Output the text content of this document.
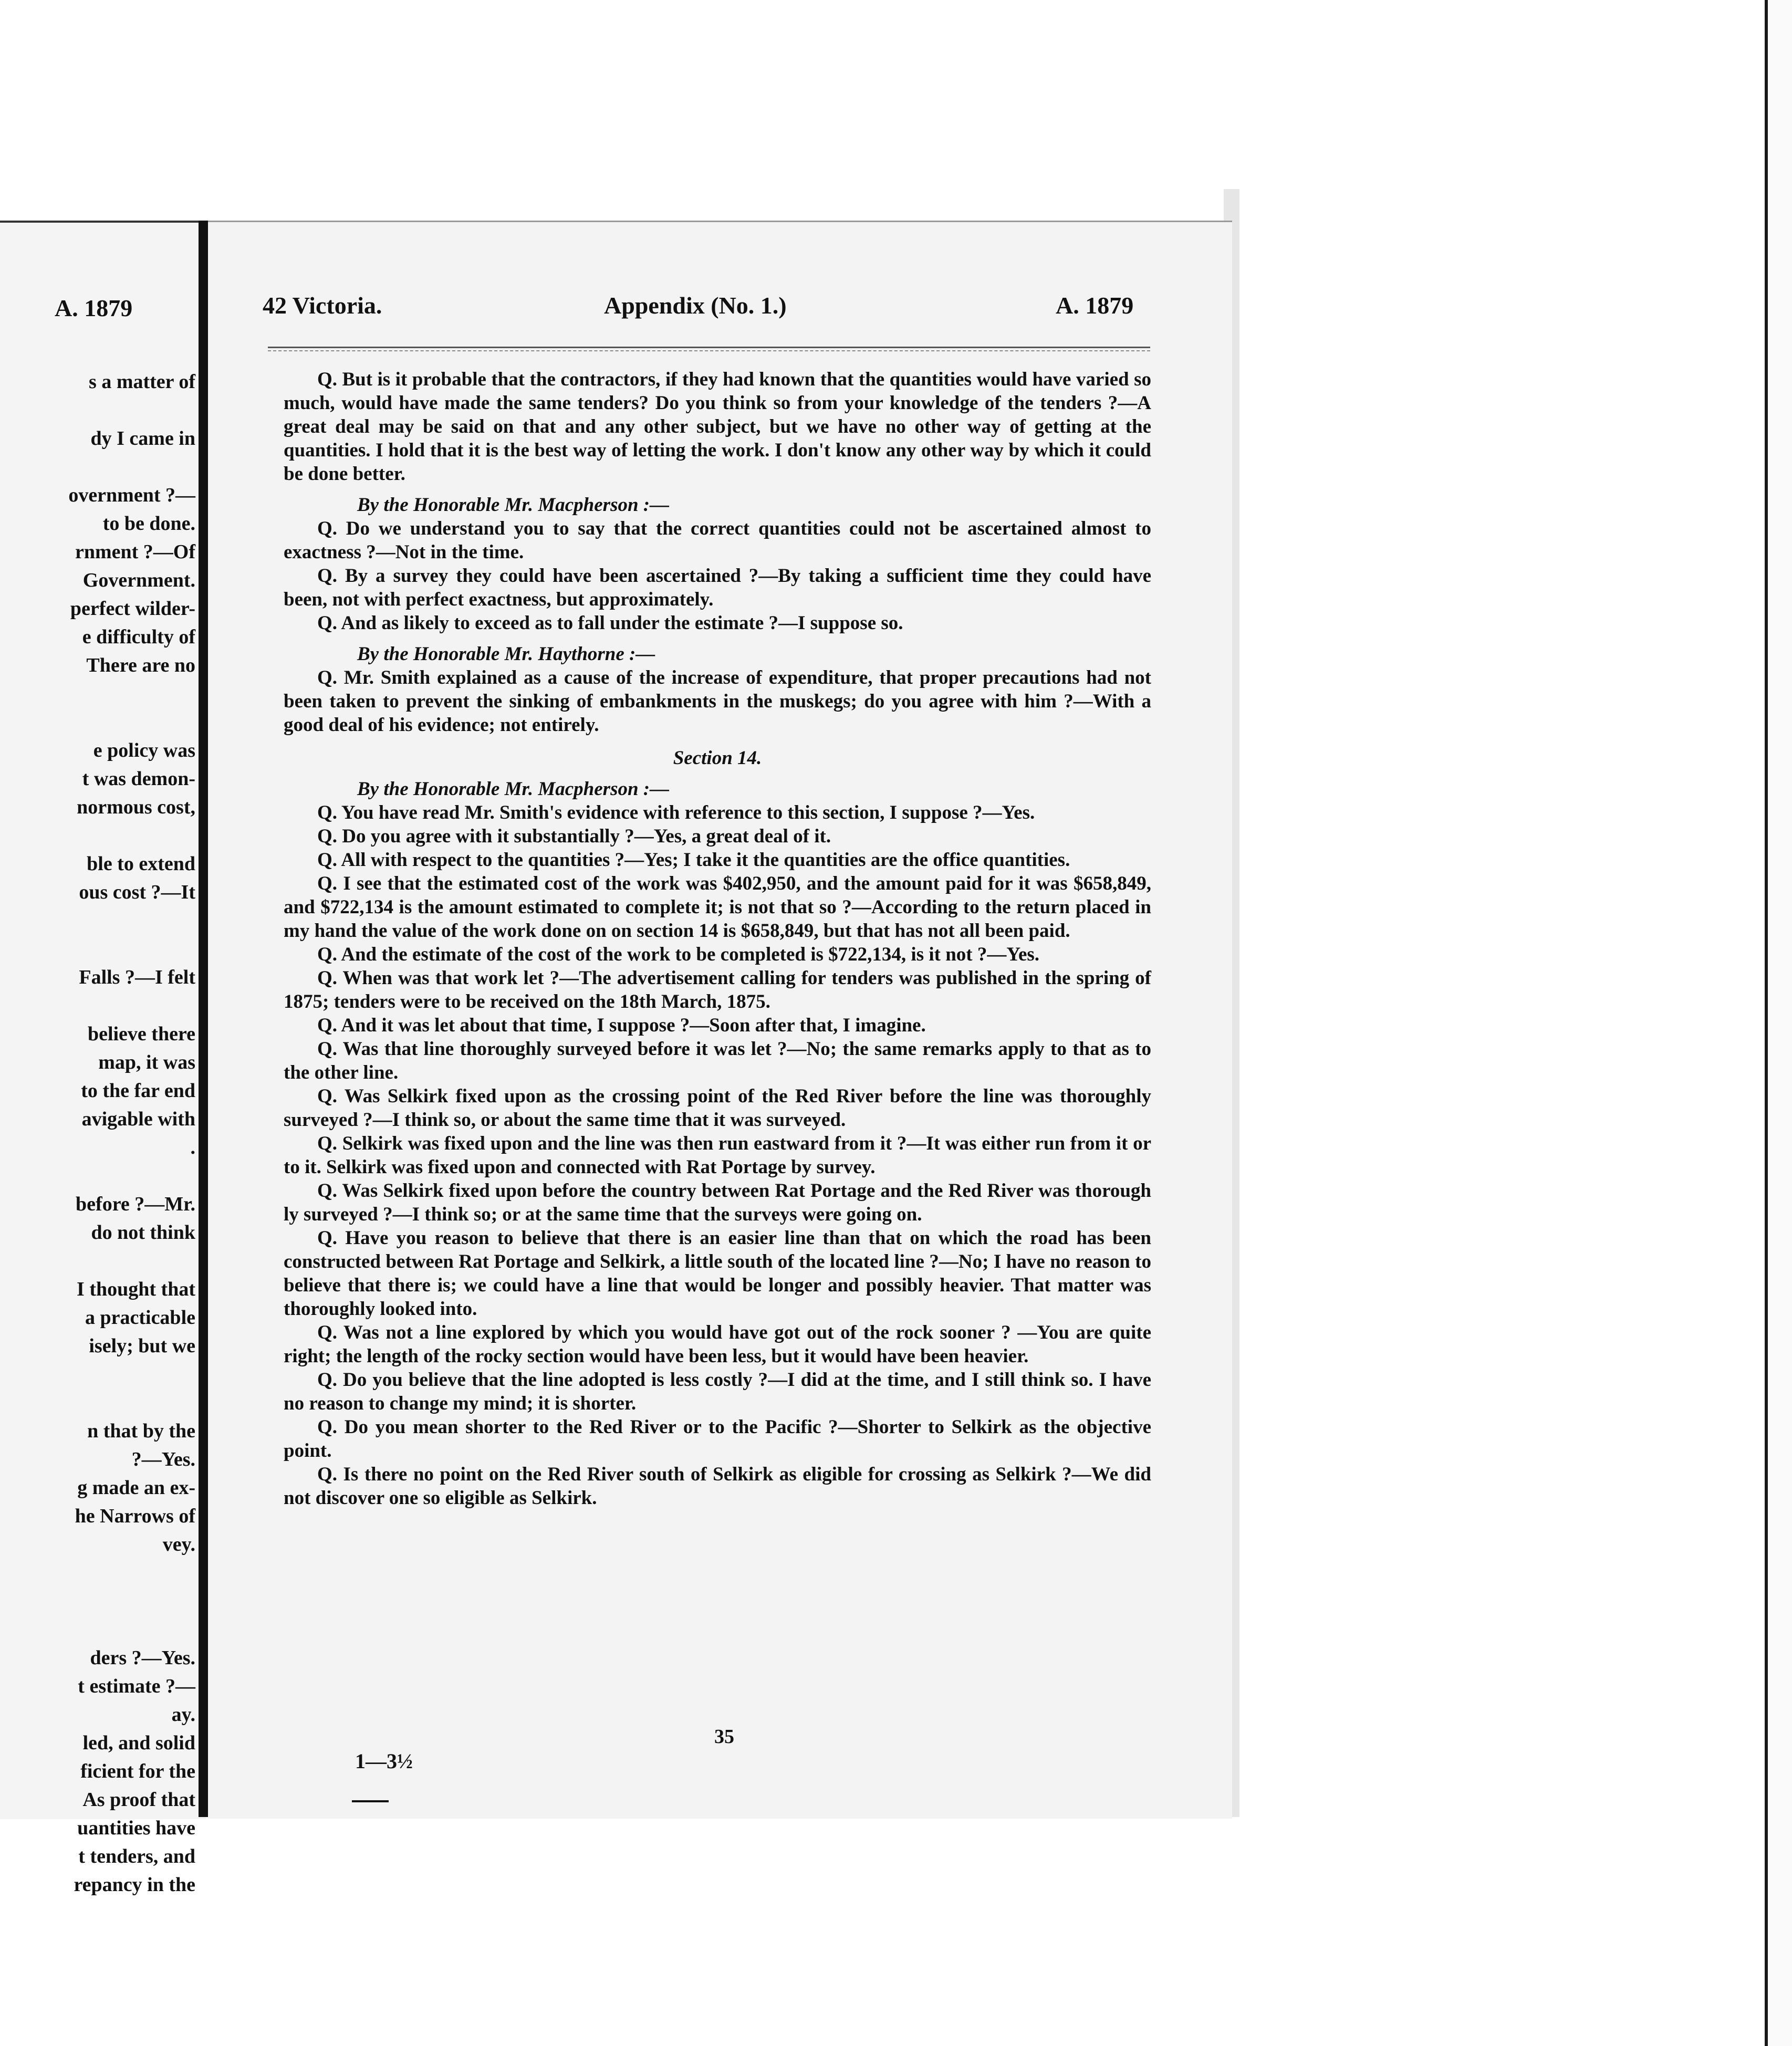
A. 1879
s a matter of
dy I came in
overnment ?—
to be done.
rnment ?—Of
Government.
perfect wilder-
e difficulty of
There are no
e policy was
t was demon-
normous cost,
ble to extend
ous cost ?—It
Falls ?—I felt
believe there
map, it was
to the far end
avigable with
.
before ?—Mr.
do not think
I thought that
a practicable
isely; but we
n that by the
?—Yes.
g made an ex-
he Narrows of
vey.
ders ?—Yes.
t estimate ?—
ay.
led, and solid
ficient for the
As proof that
uantities have
t tenders, and
repancy in the
42 Victoria.	Appendix (No. 1.)	A. 1879

Q. But is it probable that the contractors, if they had known that the quantities would have varied so much, would have made the same tenders? Do you think so from your knowledge of the tenders ?—A great deal may be said on that and any other subject, but we have no other way of getting at the quantities. I hold that it is the best way of letting the work. I don't know any other way by which it could be done better.

By the Honorable Mr. Macpherson :—

Q. Do we understand you to say that the correct quantities could not be ascertained almost to exactness ?—Not in the time.

Q. By a survey they could have been ascertained ?—By taking a sufficient time they could have been, not with perfect exactness, but approximately.

Q. And as likely to exceed as to fall under the estimate ?—I suppose so.

By the Honorable Mr. Haythorne :—

Q. Mr. Smith explained as a cause of the increase of expenditure, that proper precautions had not been taken to prevent the sinking of embankments in the muskegs; do you agree with him ?—With a good deal of his evidence; not entirely.

Section 14.

By the Honorable Mr. Macpherson :—

Q. You have read Mr. Smith's evidence with reference to this section, I suppose ?—Yes.

Q. Do you agree with it substantially ?—Yes, a great deal of it.

Q. All with respect to the quantities ?—Yes; I take it the quantities are the office quantities.

Q. I see that the estimated cost of the work was $402,950, and the amount paid for it was $658,849, and $722,134 is the amount estimated to complete it; is not that so ?—According to the return placed in my hand the value of the work done on on section 14 is $658,849, but that has not all been paid.

Q. And the estimate of the cost of the work to be completed is $722,134, is it not ?—Yes.

Q. When was that work let ?—The advertisement calling for tenders was published in the spring of 1875; tenders were to be received on the 18th March, 1875.

Q. And it was let about that time, I suppose ?—Soon after that, I imagine.

Q. Was that line thoroughly surveyed before it was let ?—No; the same remarks apply to that as to the other line.

Q. Was Selkirk fixed upon as the crossing point of the Red River before the line was thoroughly surveyed ?—I think so, or about the same time that it was surveyed.

Q. Selkirk was fixed upon and the line was then run eastward from it ?—It was either run from it or to it. Selkirk was fixed upon and connected with Rat Portage by survey.

Q. Was Selkirk fixed upon before the country between Rat Portage and the Red River was thorough ly surveyed ?—I think so; or at the same time that the surveys were going on.

Q. Have you reason to believe that there is an easier line than that on which the road has been constructed between Rat Portage and Selkirk, a little south of the located line ?—No; I have no reason to believe that there is; we could have a line that would be longer and possibly heavier. That matter was thoroughly looked into.

Q. Was not a line explored by which you would have got out of the rock sooner ? —You are quite right; the length of the rocky section would have been less, but it would have been heavier.

Q. Do you believe that the line adopted is less costly ?—I did at the time, and I still think so. I have no reason to change my mind; it is shorter.

Q. Do you mean shorter to the Red River or to the Pacific ?—Shorter to Selkirk as the objective point.

Q. Is there no point on the Red River south of Selkirk as eligible for crossing as Selkirk ?—We did not discover one so eligible as Selkirk.

35
1—3½
